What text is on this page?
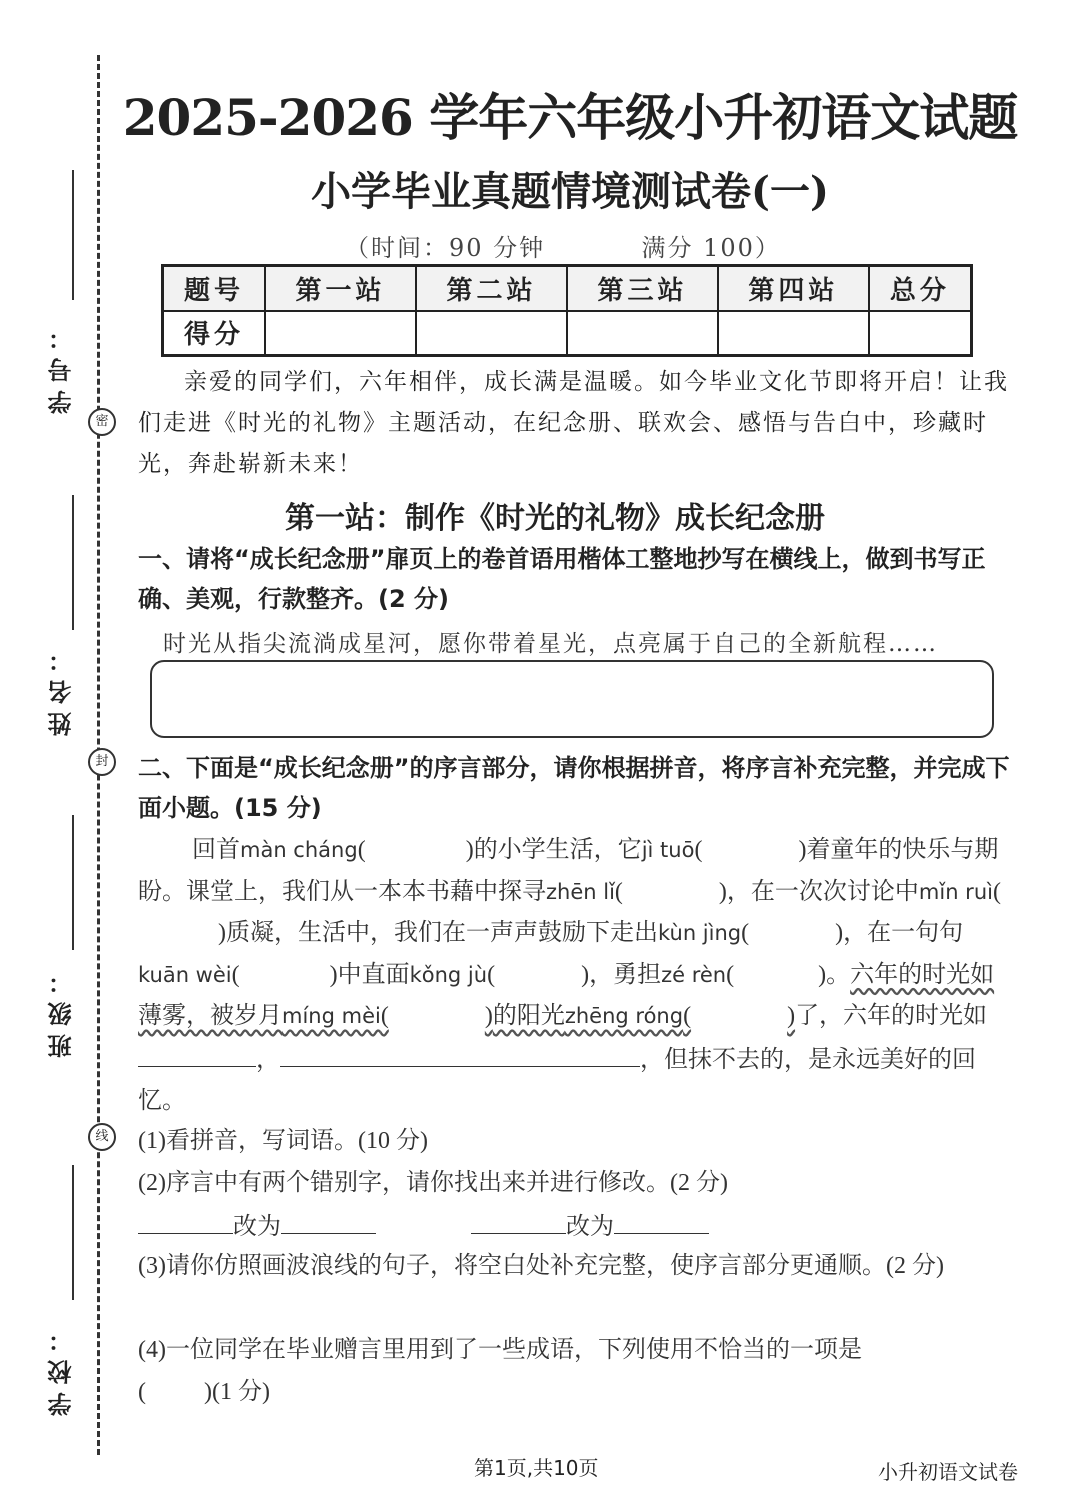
学号：
密
姓名：
封
班级：
线
学校：
2025-2026 学年六年级小升初语文试题
小学毕业真题情境测试卷(一)
（时间：90 分钟          满分 100）
题号	第一站	第二站	第三站	第四站	总分
得分					
亲爱的同学们，六年相伴，成长满是温暖。如今毕业文化节即将开启！让我们走进《时光的礼物》主题活动，在纪念册、联欢会、感悟与告白中，珍藏时光，奔赴崭新未来！
第一站：制作《时光的礼物》成长纪念册
一、请将“成长纪念册”扉页上的卷首语用楷体工整地抄写在横线上，做到书写正确、美观，行款整齐。(2 分)
时光从指尖流淌成星河，愿你带着星光，点亮属于自己的全新航程……
二、下面是“成长纪念册”的序言部分，请你根据拼音，将序言补充完整，并完成下面小题。(15 分)

回首màn cháng(	)的小学生活，它jì tuō(	)着童年的快乐与期盼。课堂上，我们从一本本书藉中探寻zhēn lǐ(	)，在一次次讨论中mǐn ruì()质凝，生活中，我们在一声声鼓励下走出kùn jìng(	)，在一句句kuān wèi(	)中直面kǒng jù(	)，勇担zé rèn(	)。六年的时光如薄雾，被岁月míng mèi(	)的阳光zhēng róng(	)了，六年的时光如，	，但抹不去的，是永远美好的回忆。

(1)看拼音，写词语。(10 分)
(2)序言中有两个错别字，请你找出来并进行修改。(2 分)
改为	改为
(3)请你仿照画波浪线的句子，将空白处补充完整，使序言部分更通顺。(2 分)
(4)一位同学在毕业赠言里用到了一些成语，下列使用不恰当的一项是
( )(1 分)
第1页,共10页	小升初语文试卷
